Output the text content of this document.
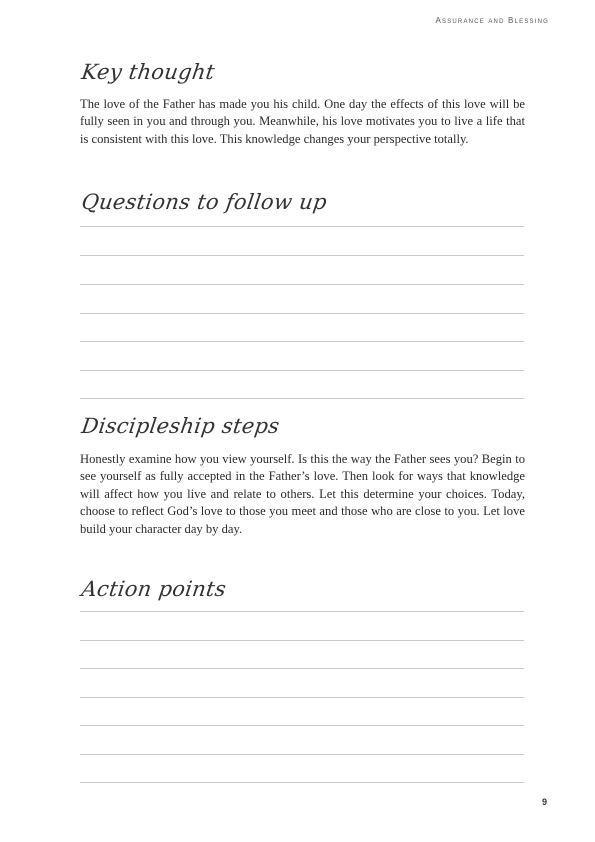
Assurance and Blessing
Key thought
The love of the Father has made you his child. One day the effects of this love will be fully seen in you and through you. Meanwhile, his love motivates you to live a life that is consistent with this love. This knowledge changes your perspective totally.
Questions to follow up
Discipleship steps
Honestly examine how you view yourself. Is this the way the Father sees you? Begin to see yourself as fully accepted in the Father’s love. Then look for ways that knowledge will affect how you live and relate to others. Let this determine your choices. Today, choose to reflect God’s love to those you meet and those who are close to you. Let love build your character day by day.
Action points
9
